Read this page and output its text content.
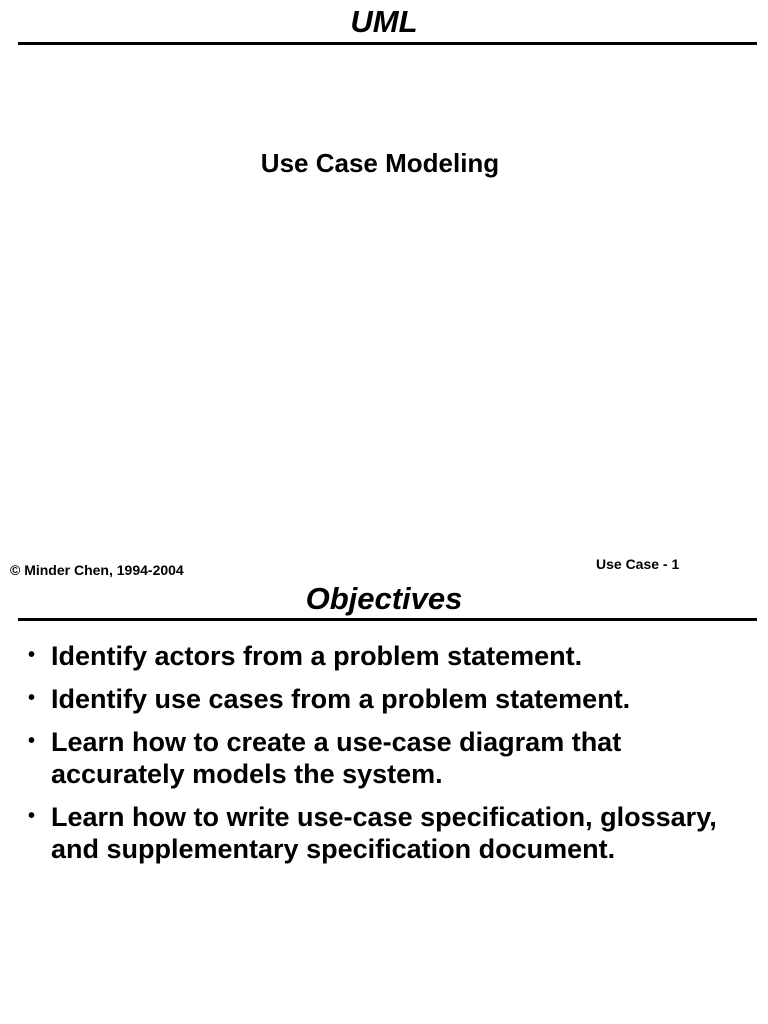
UML
Use Case Modeling
© Minder Chen, 1994-2004	Use Case - 1
Objectives
• Identify actors from a problem statement.
• Identify use cases from a problem statement.
• Learn how to create a use-case diagram that accurately models the system.
• Learn how to write use-case specification, glossary, and supplementary specification document.
